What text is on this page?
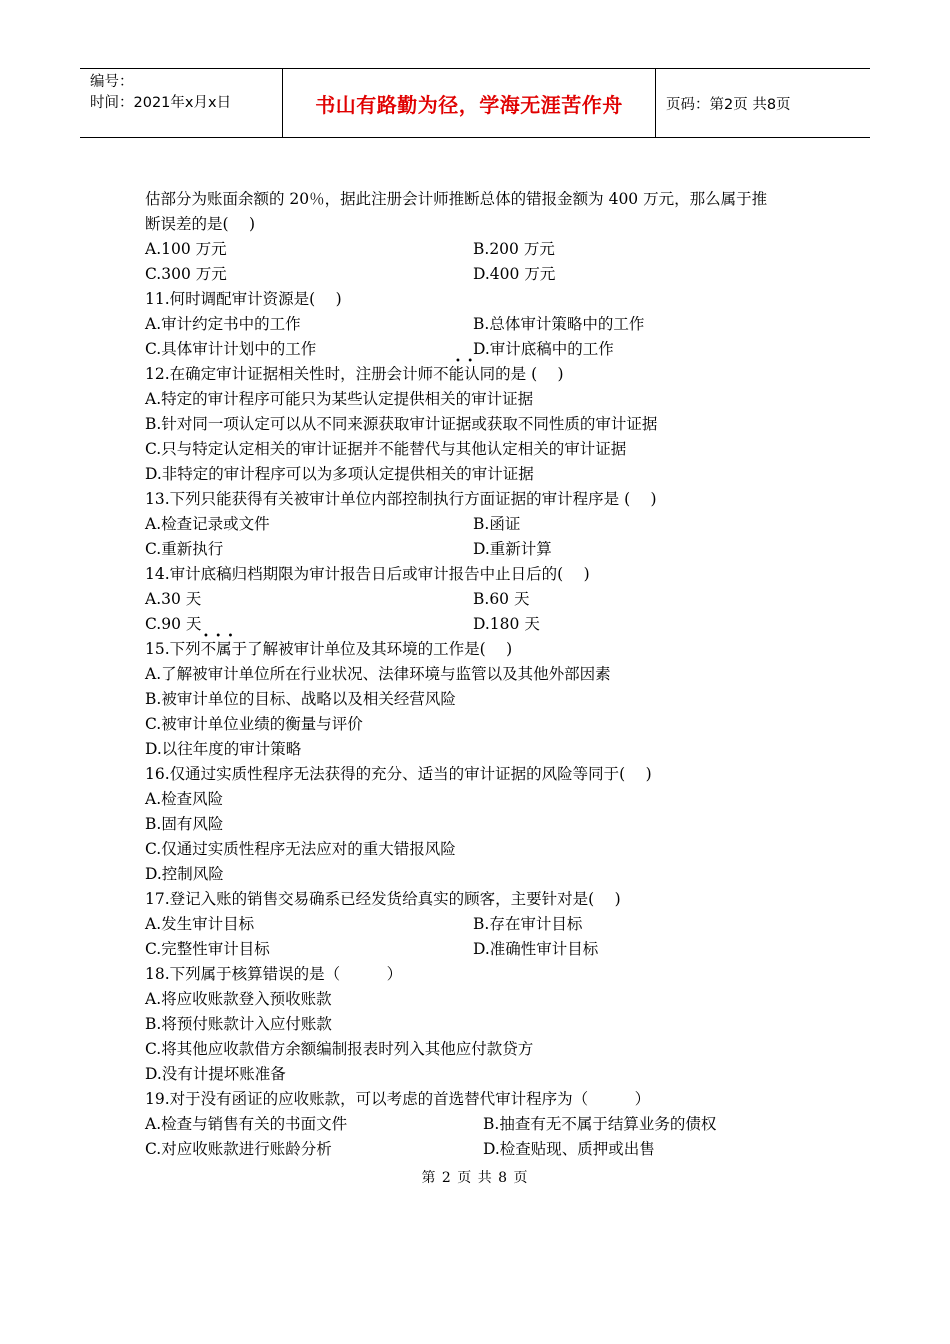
编号：
时间：2021年x月x日	书山有路勤为径，学海无涯苦作舟	页码：第2页 共8页
估部分为账面余额的 20％，据此注册会计师推断总体的错报金额为 400 万元，那么属于推
断误差的是(　 )
A.100 万元	B.200 万元
C.300 万元	D.400 万元
11.何时调配审计资源是(　 )
A.审计约定书中的工作	B.总体审计策略中的工作
C.具体审计计划中的工作	D.审计底稿中的工作
•  •
12.在确定审计证据相关性时，注册会计师不能认同的是 (　 )
A.特定的审计程序可能只为某些认定提供相关的审计证据
B.针对同一项认定可以从不同来源获取审计证据或获取不同性质的审计证据
C.只与特定认定相关的审计证据并不能替代与其他认定相关的审计证据
D.非特定的审计程序可以为多项认定提供相关的审计证据
13.下列只能获得有关被审计单位内部控制执行方面证据的审计程序是 (　 )
A.检查记录或文件	B.函证
C.重新执行	D.重新计算
14.审计底稿归档期限为审计报告日后或审计报告中止日后的(　 )
A.30 天	B.60 天
C.90 天	D.180 天
•  •  •
15.下列不属于了解被审计单位及其环境的工作是(　 )
A.了解被审计单位所在行业状况、法律环境与监管以及其他外部因素
B.被审计单位的目标、战略以及相关经营风险
C.被审计单位业绩的衡量与评价
D.以往年度的审计策略
16.仅通过实质性程序无法获得的充分、适当的审计证据的风险等同于(　 )
A.检查风险
B.固有风险
C.仅通过实质性程序无法应对的重大错报风险
D.控制风险
17.登记入账的销售交易确系已经发货给真实的顾客，主要针对是(　 )
A.发生审计目标	B.存在审计目标
C.完整性审计目标	D.准确性审计目标
18.下列属于核算错误的是（　　　）
A.将应收账款登入预收账款
B.将预付账款计入应付账款
C.将其他应收款借方余额编制报表时列入其他应付款贷方
D.没有计提坏账准备
19.对于没有函证的应收账款，可以考虑的首选替代审计程序为（　　　）
A.检查与销售有关的书面文件	B.抽查有无不属于结算业务的债权
C.对应收账款进行账龄分析	D.检查贴现、质押或出售
第 2 页 共 8 页
